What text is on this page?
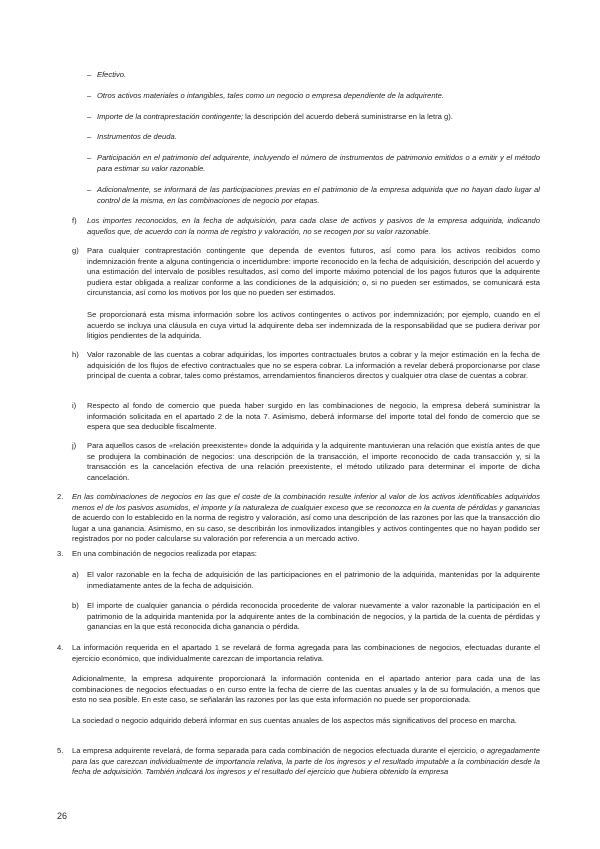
– Efectivo.

– Otros activos materiales o intangibles, tales como un negocio o empresa dependiente de la adquirente.

– Importe de la contraprestación contingente; la descripción del acuerdo deberá suministrarse en la letra g).

– Instrumentos de deuda.

– Participación en el patrimonio del adquirente, incluyendo el número de instrumentos de patrimonio emitidos o a emitir y el método para estimar su valor razonable.

– Adicionalmente, se informará de las participaciones previas en el patrimonio de la empresa adquirida que no hayan dado lugar al control de la misma, en las combinaciones de negocio por etapas.

f) Los importes reconocidos, en la fecha de adquisición, para cada clase de activos y pasivos de la empresa adquirida, indicando aquellos que, de acuerdo con la norma de registro y valoración, no se recogen por su valor razonable.

g) Para cualquier contraprestación contingente que dependa de eventos futuros, así como para los activos recibidos como indemnización frente a alguna contingencia o incertidumbre: importe reconocido en la fecha de adquisición, descripción del acuerdo y una estimación del intervalo de posibles resultados, así como del importe máximo potencial de los pagos futuros que la adquirente pudiera estar obligada a realizar conforme a las condiciones de la adquisición; o, si no pueden ser estimados, se comunicará esta circunstancia, así como los motivos por los que no pueden ser estimados.

Se proporcionará esta misma información sobre los activos contingentes o activos por indemnización; por ejemplo, cuando en el acuerdo se incluya una cláusula en cuya virtud la adquirente deba ser indemnizada de la responsabilidad que se pudiera derivar por litigios pendientes de la adquirida.

h) Valor razonable de las cuentas a cobrar adquiridas, los importes contractuales brutos a cobrar y la mejor estimación en la fecha de adquisición de los flujos de efectivo contractuales que no se espera cobrar. La información a revelar deberá proporcionarse por clase principal de cuenta a cobrar, tales como préstamos, arrendamientos financieros directos y cualquier otra clase de cuentas a cobrar.

i) Respecto al fondo de comercio que pueda haber surgido en las combinaciones de negocio, la empresa deberá suministrar la información solicitada en el apartado 2 de la nota 7. Asimismo, deberá informarse del importe total del fondo de comercio que se espera que sea deducible fiscalmente.

j) Para aquellos casos de «relación preexistente» donde la adquirida y la adquirente mantuvieran una relación que existía antes de que se produjera la combinación de negocios: una descripción de la transacción, el importe reconocido de cada transacción y, si la transacción es la cancelación efectiva de una relación preexistente, el método utilizado para determinar el importe de dicha cancelación.

2. En las combinaciones de negocios en las que el coste de la combinación resulte inferior al valor de los activos identificables adquiridos menos el de los pasivos asumidos, el importe y la naturaleza de cualquier exceso que se reconozca en la cuenta de pérdidas y ganancias de acuerdo con lo establecido en la norma de registro y valoración, así como una descripción de las razones por las que la transacción dio lugar a una ganancia. Asimismo, en su caso, se describirán los inmovilizados intangibles y activos contingentes que no hayan podido ser registrados por no poder calcularse su valoración por referencia a un mercado activo.

3. En una combinación de negocios realizada por etapas:

a) El valor razonable en la fecha de adquisición de las participaciones en el patrimonio de la adquirida, mantenidas por la adquirente inmediatamente antes de la fecha de adquisición.

b) El importe de cualquier ganancia o pérdida reconocida procedente de valorar nuevamente a valor razonable la participación en el patrimonio de la adquirida mantenida por la adquirente antes de la combinación de negocios, y la partida de la cuenta de pérdidas y ganancias en la que está reconocida dicha ganancia o pérdida.

4. La información requerida en el apartado 1 se revelará de forma agregada para las combinaciones de negocios, efectuadas durante el ejercicio económico, que individualmente carezcan de importancia relativa.

Adicionalmente, la empresa adquirente proporcionará la información contenida en el apartado anterior para cada una de las combinaciones de negocios efectuadas o en curso entre la fecha de cierre de las cuentas anuales y la de su formulación, a menos que esto no sea posible. En este caso, se señalarán las razones por las que esta información no puede ser proporcionada.

La sociedad o negocio adquirido deberá informar en sus cuentas anuales de los aspectos más significativos del proceso en marcha.

5. La empresa adquirente revelará, de forma separada para cada combinación de negocios efectuada durante el ejercicio, o agregadamente para las que carezcan individualmente de importancia relativa, la parte de los ingresos y el resultado imputable a la combinación desde la fecha de adquisición. También indicará los ingresos y el resultado del ejercicio que hubiera obtenido la empresa

26
